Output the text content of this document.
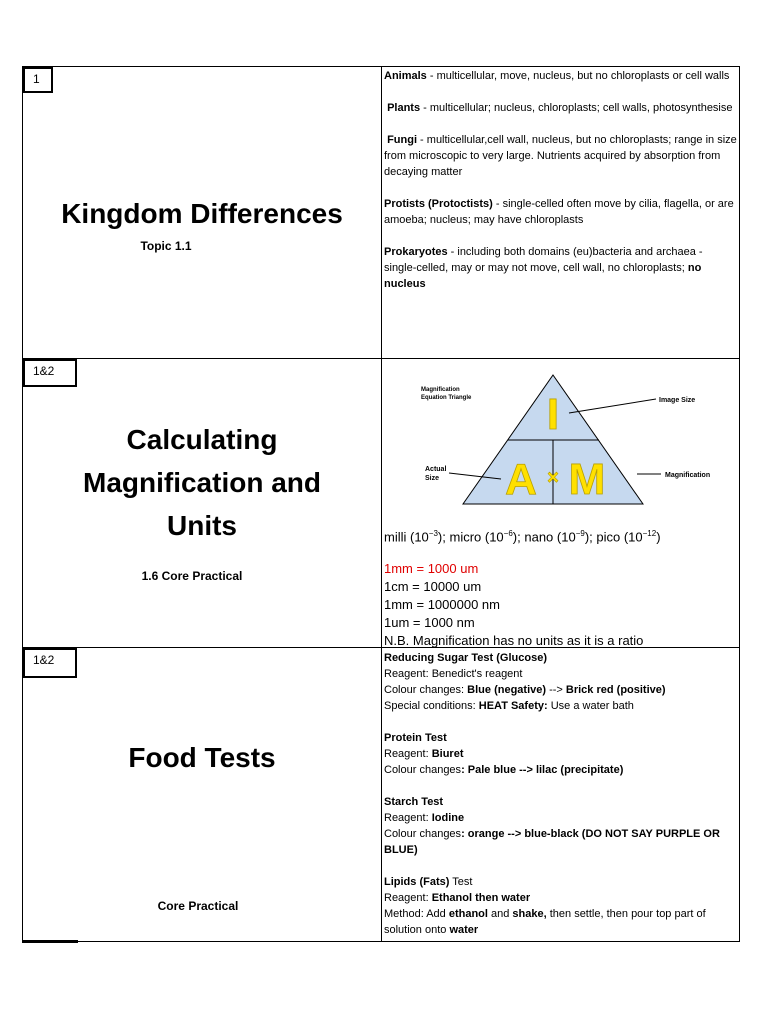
1
Kingdom Differences
Topic 1.1

Animals - multicellular, move, nucleus, but no chloroplasts or cell walls

Plants - multicellular; nucleus, chloroplasts; cell walls, photosynthesise

Fungi - multicellular,cell wall, nucleus, but no chloroplasts; range in size from microscopic to very large. Nutrients acquired by absorption from decaying matter

Protists (Protoctists) - single-celled often move by cilia, flagella, or are amoeba; nucleus; may have chloroplasts

Prokaryotes - including both domains (eu)bacteria and archaea - single-celled, may or may not move, cell wall, no chloroplasts; no nucleus

1&2
Calculating
Magnification and
Units
1.6 Core Practical
I
A × M
Magnification
Equation Triangle	Image Size
Actual
Size	Magnification
milli $(10^{-3})$; micro $(10^{-6})$; nano $(10^{-9})$; pico $(10^{-12})$

1mm = 1000 um

1cm = 10000 um

1mm = 1000000 nm

1um = 1000 nm

N.B. Magnification has no units as it is a ratio

1&2
Food Tests
Core Practical

Reducing Sugar Test (Glucose)

Reagent: Benedict's reagent

Colour changes: Blue (negative) --> Brick red (positive)

Special conditions: HEAT Safety: Use a water bath

Protein Test

Reagent: Biuret

Colour changes: Pale blue --> lilac (precipitate)

Starch Test

Reagent: Iodine

Colour changes: orange --> blue-black (DO NOT SAY PURPLE OR BLUE)

Lipids (Fats) Test

Reagent: Ethanol then water

Method: Add ethanol and shake, then settle, then pour top part of solution onto water
